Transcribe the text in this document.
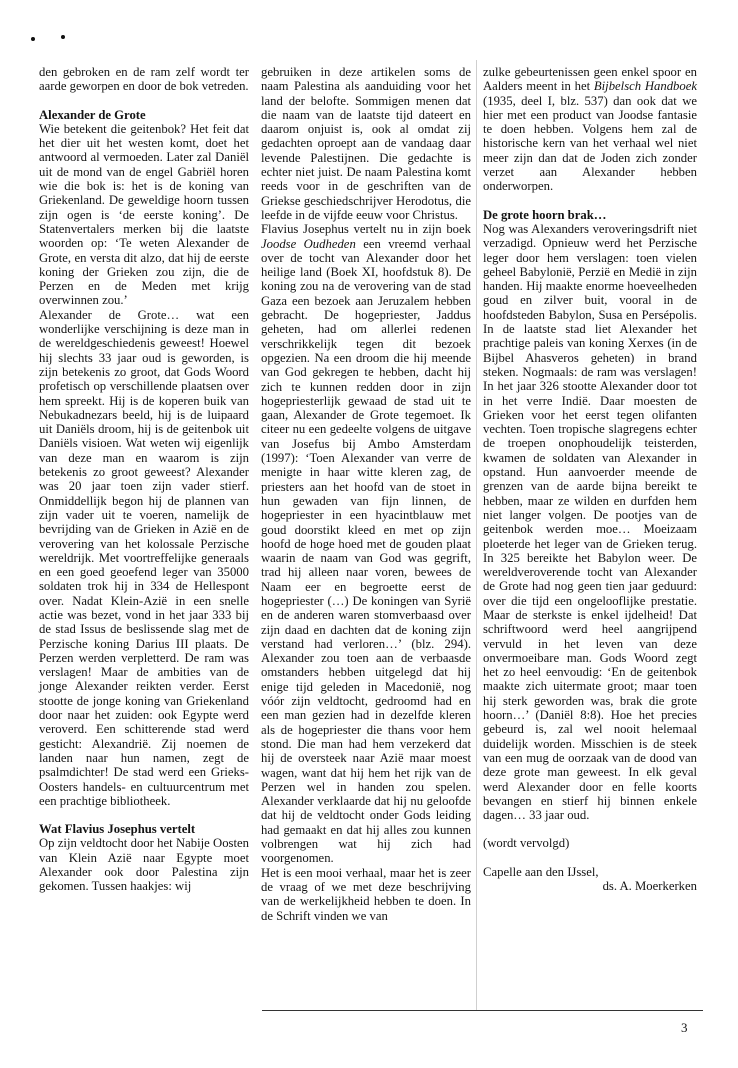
den gebroken en de ram zelf wordt ter aarde geworpen en door de bok vetreden.

Alexander de Grote

Wie betekent die geitenbok? Het feit dat het dier uit het westen komt, doet het antwoord al vermoeden. Later zal Daniël uit de mond van de engel Gabriël horen wie die bok is: het is de koning van Griekenland. De geweldige hoorn tussen zijn ogen is ‘de eerste koning’. De Statenvertalers merken bij die laatste woorden op: ‘Te weten Alexander de Grote, en versta dit alzo, dat hij de eerste koning der Grieken zou zijn, die de Perzen en de Meden met krijg overwinnen zou.’

Alexander de Grote… wat een wonderlijke verschijning is deze man in de wereldgeschiedenis geweest! Hoewel hij slechts 33 jaar oud is geworden, is zijn betekenis zo groot, dat Gods Woord profetisch op verschillende plaatsen over hem spreekt. Hij is de koperen buik van Nebukadnezars beeld, hij is de luipaard uit Daniëls droom, hij is de geitenbok uit Daniëls visioen. Wat weten wij eigenlijk van deze man en waarom is zijn betekenis zo groot geweest? Alexander was 20 jaar toen zijn vader stierf. Onmiddellijk begon hij de plannen van zijn vader uit te voeren, namelijk de bevrijding van de Grieken in Azië en de verovering van het kolossale Perzische wereldrijk. Met voortreffelijke generaals en een goed geoefend leger van 35000 soldaten trok hij in 334 de Hellespont over. Nadat Klein-Azië in een snelle actie was bezet, vond in het jaar 333 bij de stad Issus de beslissende slag met de Perzische koning Darius III plaats. De Perzen werden verpletterd. De ram was verslagen! Maar de ambities van de jonge Alexander reikten verder. Eerst stootte de jonge koning van Griekenland door naar het zuiden: ook Egypte werd veroverd. Een schitterende stad werd gesticht: Alexandrië. Zij noemen de landen naar hun namen, zegt de psalmdichter! De stad werd een Grieks-Oosters handels- en cultuurcentrum met een prachtige bibliotheek.

Wat Flavius Josephus vertelt

Op zijn veldtocht door het Nabije Oosten van Klein Azië naar Egypte moet Alexander ook door Palestina zijn gekomen. Tussen haakjes: wij

gebruiken in deze artikelen soms de naam Palestina als aanduiding voor het land der belofte. Sommigen menen dat die naam van de laatste tijd dateert en daarom onjuist is, ook al omdat zij gedachten oproept aan de vandaag daar levende Palestijnen. Die gedachte is echter niet juist. De naam Palestina komt reeds voor in de geschriften van de Griekse geschiedschrijver Herodotus, die leefde in de vijfde eeuw voor Christus.

Flavius Josephus vertelt nu in zijn boek Joodse Oudheden een vreemd verhaal over de tocht van Alexander door het heilige land (Boek XI, hoofdstuk 8). De koning zou na de verovering van de stad Gaza een bezoek aan Jeruzalem hebben gebracht. De hogepriester, Jaddus geheten, had om allerlei redenen verschrikkelijk tegen dit bezoek opgezien. Na een droom die hij meende van God gekregen te hebben, dacht hij zich te kunnen redden door in zijn hogepriesterlijk gewaad de stad uit te gaan, Alexander de Grote tegemoet. Ik citeer nu een gedeelte volgens de uitgave van Josefus bij Ambo Amsterdam (1997): ‘Toen Alexander van verre de menigte in haar witte kleren zag, de priesters aan het hoofd van de stoet in hun gewaden van fijn linnen, de hogepriester in een hyacintblauw met goud doorstikt kleed en met op zijn hoofd de hoge hoed met de gouden plaat waarin de naam van God was gegrift, trad hij alleen naar voren, bewees de Naam eer en begroette eerst de hogepriester (…) De koningen van Syrië en de anderen waren stomverbaasd over zijn daad en dachten dat de koning zijn verstand had verloren…’ (blz. 294). Alexander zou toen aan de verbaasde omstanders hebben uitgelegd dat hij enige tijd geleden in Macedonië, nog vóór zijn veldtocht, gedroomd had en een man gezien had in dezelfde kleren als de hogepriester die thans voor hem stond. Die man had hem verzekerd dat hij de oversteek naar Azië maar moest wagen, want dat hij hem het rijk van de Perzen wel in handen zou spelen. Alexander verklaarde dat hij nu geloofde dat hij de veldtocht onder Gods leiding had gemaakt en dat hij alles zou kunnen volbrengen wat hij zich had voorgenomen.

Het is een mooi verhaal, maar het is zeer de vraag of we met deze beschrijving van de werkelijkheid hebben te doen. In de Schrift vinden we van

zulke gebeurtenissen geen enkel spoor en Aalders meent in het Bijbelsch Handboek (1935, deel I, blz. 537) dan ook dat we hier met een product van Joodse fantasie te doen hebben. Volgens hem zal de historische kern van het verhaal wel niet meer zijn dan dat de Joden zich zonder verzet aan Alexander hebben onderworpen.

De grote hoorn brak…

Nog was Alexanders veroveringsdrift niet verzadigd. Opnieuw werd het Perzische leger door hem verslagen: toen vielen geheel Babylonië, Perzië en Medië in zijn handen. Hij maakte enorme hoeveelheden goud en zilver buit, vooral in de hoofdsteden Babylon, Susa en Persépolis. In de laatste stad liet Alexander het prachtige paleis van koning Xerxes (in de Bijbel Ahasveros geheten) in brand steken. Nogmaals: de ram was verslagen! In het jaar 326 stootte Alexander door tot in het verre Indië. Daar moesten de Grieken voor het eerst tegen olifanten vechten. Toen tropische slagregens echter de troepen onophoudelijk teisterden, kwamen de soldaten van Alexander in opstand. Hun aanvoerder meende de grenzen van de aarde bijna bereikt te hebben, maar ze wilden en durfden hem niet langer volgen. De pootjes van de geitenbok werden moe… Moeizaam ploeterde het leger van de Grieken terug. In 325 bereikte het Babylon weer. De wereldveroverende tocht van Alexander de Grote had nog geen tien jaar geduurd: over die tijd een ongelooflijke prestatie. Maar de sterkste is enkel ijdelheid! Dat schriftwoord werd heel aangrijpend vervuld in het leven van deze onvermoeibare man. Gods Woord zegt het zo heel eenvoudig: ‘En de geitenbok maakte zich uitermate groot; maar toen hij sterk geworden was, brak die grote hoorn…’ (Daniël 8:8). Hoe het precies gebeurd is, zal wel nooit helemaal duidelijk worden. Misschien is de steek van een mug de oorzaak van de dood van deze grote man geweest. In elk geval werd Alexander door en felle koorts bevangen en stierf hij binnen enkele dagen… 33 jaar oud.

(wordt vervolgd)

Capelle aan den IJssel,

ds. A. Moerkerken

3
